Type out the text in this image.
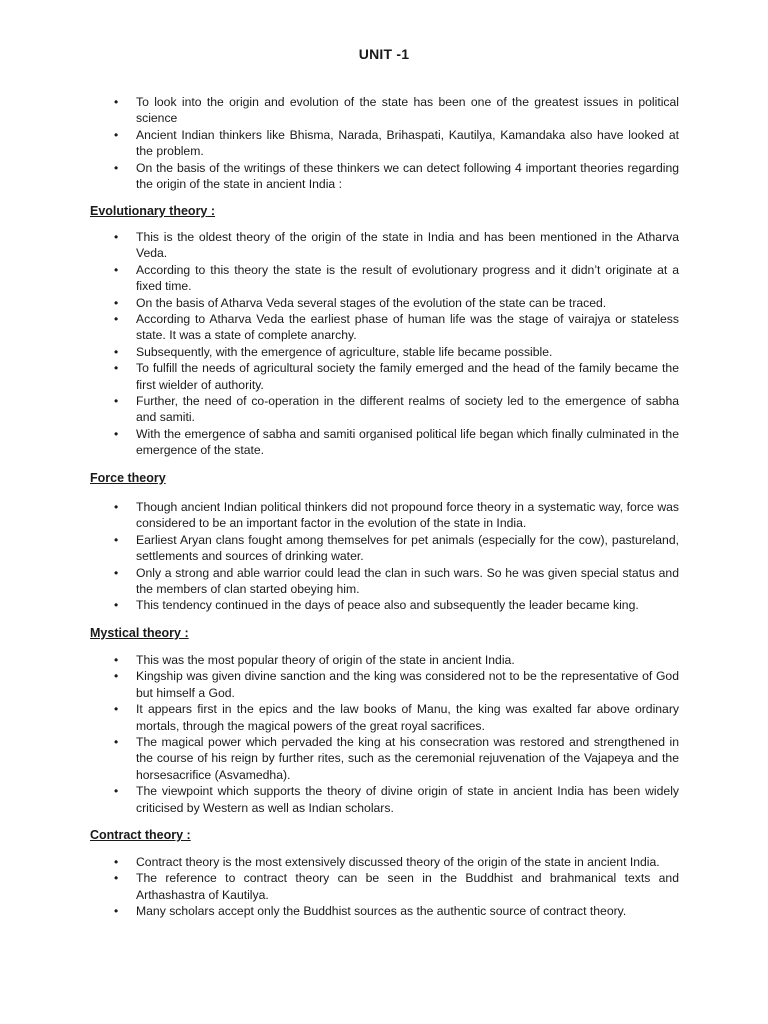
UNIT -1
• To look into the origin and evolution of the state has been one of the greatest issues in political science
• Ancient Indian thinkers like Bhisma, Narada, Brihaspati, Kautilya, Kamandaka also have looked at the problem.
• On the basis of the writings of these thinkers we can detect following 4 important theories regarding the origin of the state in ancient India :
Evolutionary theory :
• This is the oldest theory of the origin of the state in India and has been mentioned in the Atharva Veda.
• According to this theory the state is the result of evolutionary progress and it didn’t originate at a fixed time.
• On the basis of Atharva Veda several stages of the evolution of the state can be traced.
• According to Atharva Veda the earliest phase of human life was the stage of vairajya or stateless state. It was a state of complete anarchy.
• Subsequently, with the emergence of agriculture, stable life became possible.
• To fulfill the needs of agricultural society the family emerged and the head of the family became the first wielder of authority.
• Further, the need of co-operation in the different realms of society led to the emergence of sabha and samiti.
• With the emergence of sabha and samiti organised political life began which finally culminated in the emergence of the state.
Force theory
• Though ancient Indian political thinkers did not propound force theory in a systematic way, force was considered to be an important factor in the evolution of the state in India.
• Earliest Aryan clans fought among themselves for pet animals (especially for the cow), pastureland, settlements and sources of drinking water.
• Only a strong and able warrior could lead the clan in such wars. So he was given special status and the members of clan started obeying him.
• This tendency continued in the days of peace also and subsequently the leader became king.
Mystical theory :
• This was the most popular theory of origin of the state in ancient India.
• Kingship was given divine sanction and the king was considered not to be the representative of God but himself a God.
• It appears first in the epics and the law books of Manu, the king was exalted far above ordinary mortals, through the magical powers of the great royal sacrifices.
• The magical power which pervaded the king at his consecration was restored and strengthened in the course of his reign by further rites, such as the ceremonial rejuvenation of the Vajapeya and the horsesacrifice (Asvamedha).
• The viewpoint which supports the theory of divine origin of state in ancient India has been widely criticised by Western as well as Indian scholars.
Contract theory :
• Contract theory is the most extensively discussed theory of the origin of the state in ancient India.
• The reference to contract theory can be seen in the Buddhist and brahmanical texts and Arthashastra of Kautilya.
• Many scholars accept only the Buddhist sources as the authentic source of contract theory.
